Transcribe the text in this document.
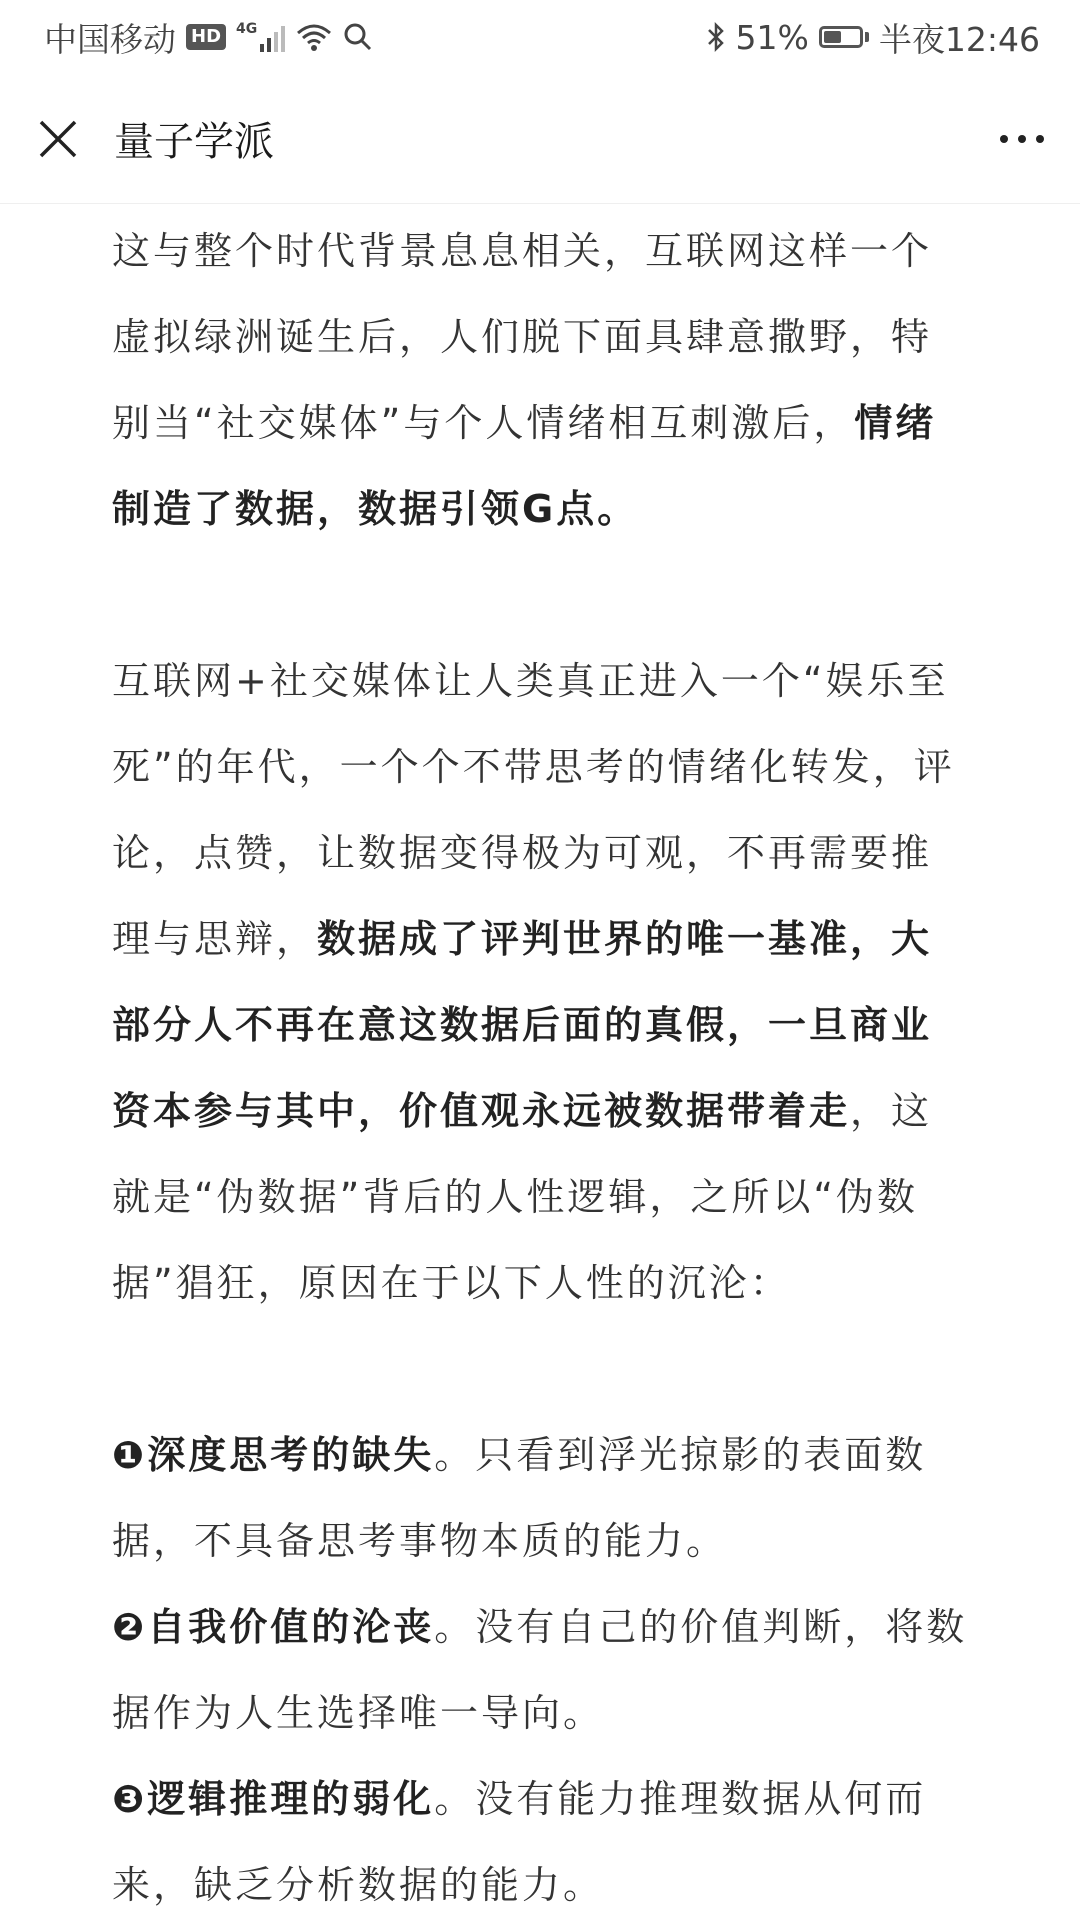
中国移动 HD	4G	51% 半夜12:46
量子学派

这与整个时代背景息息相关，互联网这样一个虚拟绿洲诞生后，人们脱下面具肆意撒野，特别当“社交媒体”与个人情绪相互刺激后，情绪制造了数据，数据引领G点。

互联网+社交媒体让人类真正进入一个“娱乐至死”的年代，一个个不带思考的情绪化转发，评论，点赞，让数据变得极为可观，不再需要推理与思辩，数据成了评判世界的唯一基准，大部分人不再在意这数据后面的真假，一旦商业资本参与其中，价值观永远被数据带着走，这就是“伪数据”背后的人性逻辑，之所以“伪数据”猖狂，原因在于以下人性的沉沦：

❶深度思考的缺失。只看到浮光掠影的表面数据，不具备思考事物本质的能力。

❷自我价值的沦丧。没有自己的价值判断，将数据作为人生选择唯一导向。

❸逻辑推理的弱化。没有能力推理数据从何而来，缺乏分析数据的能力。
